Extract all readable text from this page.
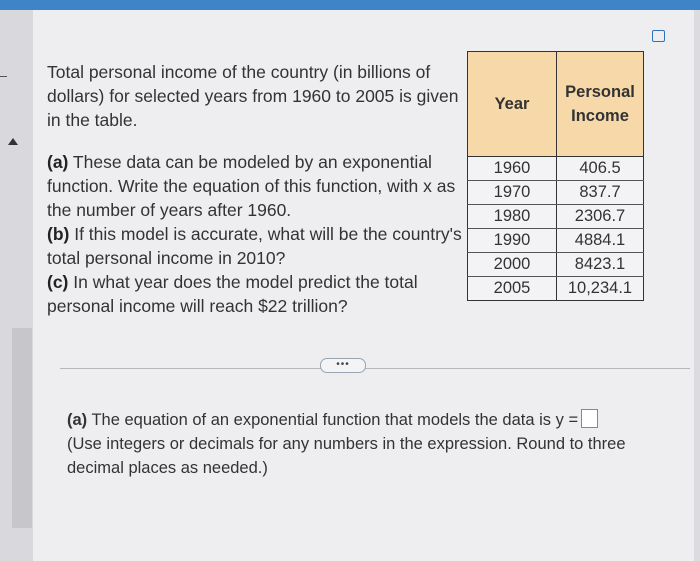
Total personal income of the country (in billions of dollars) for selected years from 1960 to 2005 is given in the table.
(a) These data can be modeled by an exponential function. Write the equation of this function, with x as the number of years after 1960.
(b) If this model is accurate, what will be the country's total personal income in 2010?
(c) In what year does the model predict the total personal income will reach $22 trillion?
Year	Personal
Income
1960	406.5
1970	837.7
1980	2306.7
1990	4884.1
2000	8423.1
2005	10,234.1
•••
(a) The equation of an exponential function that models the data is y =
(Use integers or decimals for any numbers in the expression. Round to three decimal places as needed.)
